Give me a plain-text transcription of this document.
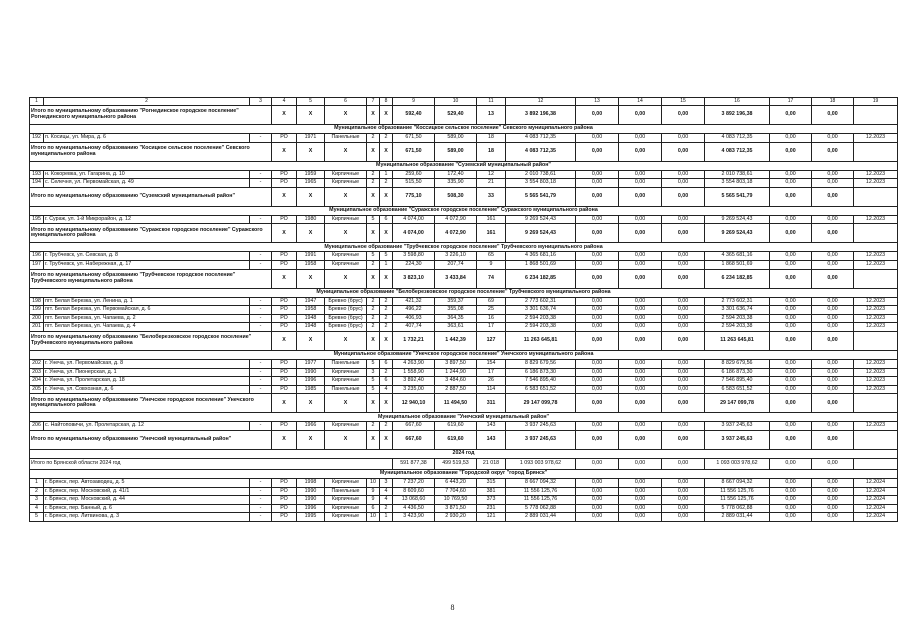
1	2	3	4	5	6	7	8	9	10	11	12	13	14	15	16	17	18	19
Итого по муниципальному образованию "Рогнединское городское поселение" Рогнединского муниципального района			Х	Х	Х	Х	Х	592,40	529,40	13	3 892 196,38	0,00	0,00	0,00	3 892 196,38	0,00	0,00	
Муниципальное образование "Коссицкое сельское поселение" Севского муниципального района																		
192	п. Косицы, ул. Мира, д. 6	-	РО	1971	Панельные	2	2	671,50	589,00	18	4 083 712,35	0,00	0,00	0,00	4 083 712,35	0,00	0,00	12.2023
Итого по муниципальному образованию "Косицкое сельское поселение" Севского муниципального района			Х	Х	Х	Х	Х	671,50	589,00	18	4 083 712,35	0,00	0,00	0,00	4 083 712,35	0,00	0,00	
Муниципальное образование "Суземский муниципальный район"																		
193	н. Кокоревка, ул. Гагарина, д. 10	-	РО	1959	Кирпичные	2	1	259,60	172,40	12	2 010 738,61	0,00	0,00	0,00	2 010 738,61	0,00	0,00	12.2023
194	с. Селечня, ул. Первомайская, д. 49	-	РО	1965	Кирпичные	2	2	515,50	335,90	21	3 554 803,18	0,00	0,00	0,00	3 554 803,18	0,00	0,00	12.2023
Итого по муниципальному образованию "Суземский муниципальный район"			Х	Х	Х	Х	Х	775,10	508,30	33	5 565 541,79	0,00	0,00	0,00	5 565 541,79	0,00	0,00	
Муниципальное образование "Суражское городское поселение" Суражского муниципального района																		
195	г. Сураж, ул. 1-й Микрорайон, д. 12	-	РО	1980	Кирпичные	5	6	4 074,00	4 072,90	161	9 269 524,43	0,00	0,00	0,00	9 269 524,43	0,00	0,00	12.2023
Итого по муниципальному образованию "Суражское городское поселение" Суражского муниципального района			Х	Х	Х	Х	Х	4 074,00	4 072,90	161	9 269 524,43	0,00	0,00	0,00	9 269 524,43	0,00	0,00	
Муниципальное образование "Трубчевское городское поселение" Трубчевского муниципального района																		
196	г. Трубчевск, ул. Севская, д. 8	-	РО	1991	Кирпичные	5	5	3 598,80	3 226,10	65	4 365 681,16	0,00	0,00	0,00	4 365 681,16	0,00	0,00	12.2023
197	г. Трубчевск, ул. Набережная, д. 17	-	РО	1958	Кирпичные	2	1	224,30	207,74	9	1 868 501,69	0,00	0,00	0,00	1 868 501,69	0,00	0,00	12.2023
Итого по муниципальному образованию "Трубчевское городское поселение" Трубчевского муниципального района			Х	Х	Х	Х	Х	3 823,10	3 433,84	74	6 234 182,85	0,00	0,00	0,00	6 234 182,85	0,00	0,00	
Муниципальное образование "Белоберезковское городское поселение" Трубчевского муниципального района																		
198	пгт. Белая Березка, ул. Ленина, д. 1	-	РО	1947	Бревно (брус)	2	2	421,32	359,37	69	2 773 602,31	0,00	0,00	0,00	2 773 602,31	0,00	0,00	12.2023
199	пгт. Белая Березка, ул. Первомайская, д. 6	-	РО	1958	Бревно (брус)	2	2	496,22	355,08	25	3 301 636,74	0,00	0,00	0,00	3 301 636,74	0,00	0,00	12.2023
200	пгт. Белая Березка, ул. Чапаева, д. 2	-	РО	1948	Бревно (брус)	2	2	406,93	364,35	16	2 594 203,38	0,00	0,00	0,00	2 594 203,38	0,00	0,00	12.2023
201	пгт. Белая Березка, ул. Чапаева, д. 4	-	РО	1948	Бревно (брус)	2	2	407,74	363,61	17	2 594 203,38	0,00	0,00	0,00	2 594 203,38	0,00	0,00	12.2023
Итого по муниципальному образованию "Белоберезковское городское поселение" Трубчевского муниципального района			Х	Х	Х	Х	Х	1 732,21	1 442,39	127	11 263 645,81	0,00	0,00	0,00	11 263 645,81	0,00	0,00	
Муниципальное образование "Унечское городское поселение" Унечского муниципального района																		
202	г. Унеча, ул. Первомайская, д. 8	-	РО	1977	Панельные	5	6	4 263,90	3 897,50	154	8 829 679,56	0,00	0,00	0,00	8 829 679,56	0,00	0,00	12.2023
203	г. Унеча, ул. Пионерская, д. 1	-	РО	1990	Кирпичные	3	2	1 558,90	1 244,90	17	6 186 873,30	0,00	0,00	0,00	6 186 873,30	0,00	0,00	12.2023
204	г. Унеча, ул. Пролетарская, д. 18	-	РО	1996	Кирпичные	5	6	3 892,40	3 484,60	26	7 546 895,40	0,00	0,00	0,00	7 546 895,40	0,00	0,00	12.2023
205	г. Унеча, ул. Совхозная, д. 6	-	РО	1985	Панельные	5	4	3 235,00	2 887,50	114	6 583 651,52	0,00	0,00	0,00	6 583 651,52	0,00	0,00	12.2023
Итого по муниципальному образованию "Унечское городское поселение" Унечского муниципального района			Х	Х	Х	Х	Х	12 940,10	11 494,50	311	29 147 099,78	0,00	0,00	0,00	29 147 099,78	0,00	0,00	
Муниципальное образование "Унечский муниципальный район"																		
206	с. Найтоповичи, ул. Пролетарская, д. 12	-	РО	1966	Кирпичные	2	2	667,60	619,60	143	3 937 245,63	0,00	0,00	0,00	3 937 245,63	0,00	0,00	12.2023
Итого по муниципальному образованию "Унечский муниципальный район"			Х	Х	Х	Х	Х	667,60	619,60	143	3 937 245,63	0,00	0,00	0,00	3 937 245,63	0,00	0,00	
2024 год																		
Итого по Брянской области 2024 год								591 877,38	499 519,53	21 018	1 093 003 978,62	0,00	0,00	0,00	1 093 003 978,62	0,00	0,00	
Муниципальное образование "Городской округ "город Брянск"																		
1	г. Брянск, пер. Автозаводец, д. 5	-	РО	1998	Кирпичные	10	3	7 237,20	6 443,20	315	8 667 094,32	0,00	0,00	0,00	8 667 094,32	0,00	0,00	12.2024
2	г. Брянск, пер. Московский, д. 41/1	-	РО	1990	Панельные	9	4	8 609,60	7 704,60	381	11 556 125,76	0,00	0,00	0,00	11 556 125,76	0,00	0,00	12.2024
3	г. Брянск, пер. Московский, д. 44	-	РО	1990	Кирпичные	9	4	13 068,60	10 769,50	373	11 556 125,76	0,00	0,00	0,00	11 556 125,76	0,00	0,00	12.2024
4	г. Брянск, пер. Банный, д. 6	-	РО	1996	Кирпичные	6	2	4 436,50	3 871,50	231	5 778 062,88	0,00	0,00	0,00	5 778 062,88	0,00	0,00	12.2024
5	г. Брянск, пер. Литвинова, д. 3	-	РО	1995	Кирпичные	10	1	3 423,90	2 930,20	121	2 889 031,44	0,00	0,00	0,00	2 889 031,44	0,00	0,00	12.2024
8
